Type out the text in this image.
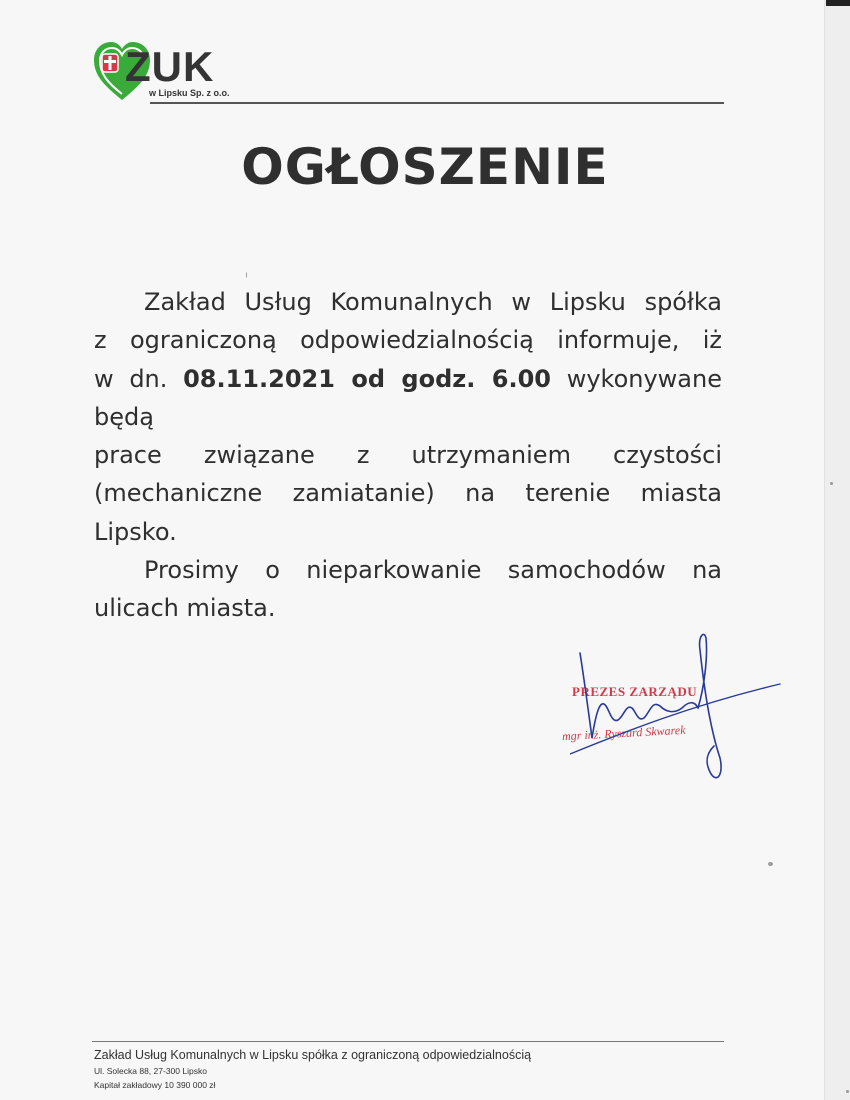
ZUK
w Lipsku Sp. z o.o.
OGŁOSZENIE
Zakład Usług Komunalnych w Lipsku spółka
z ograniczoną odpowiedzialnością informuje, iż
w dn. 08.11.2021 od godz. 6.00 wykonywane będą
prace związane z utrzymaniem czystości
(mechaniczne zamiatanie) na terenie miasta
Lipsko.
Prosimy o nieparkowanie samochodów na
ulicach miasta.
PREZES ZARZĄDU
mgr inż. Ryszard Skwarek
Zakład Usług Komunalnych w Lipsku spółka z ograniczoną odpowiedzialnością
Ul. Solecka 88, 27-300 Lipsko
Kapitał zakładowy 10 390 000 zł
